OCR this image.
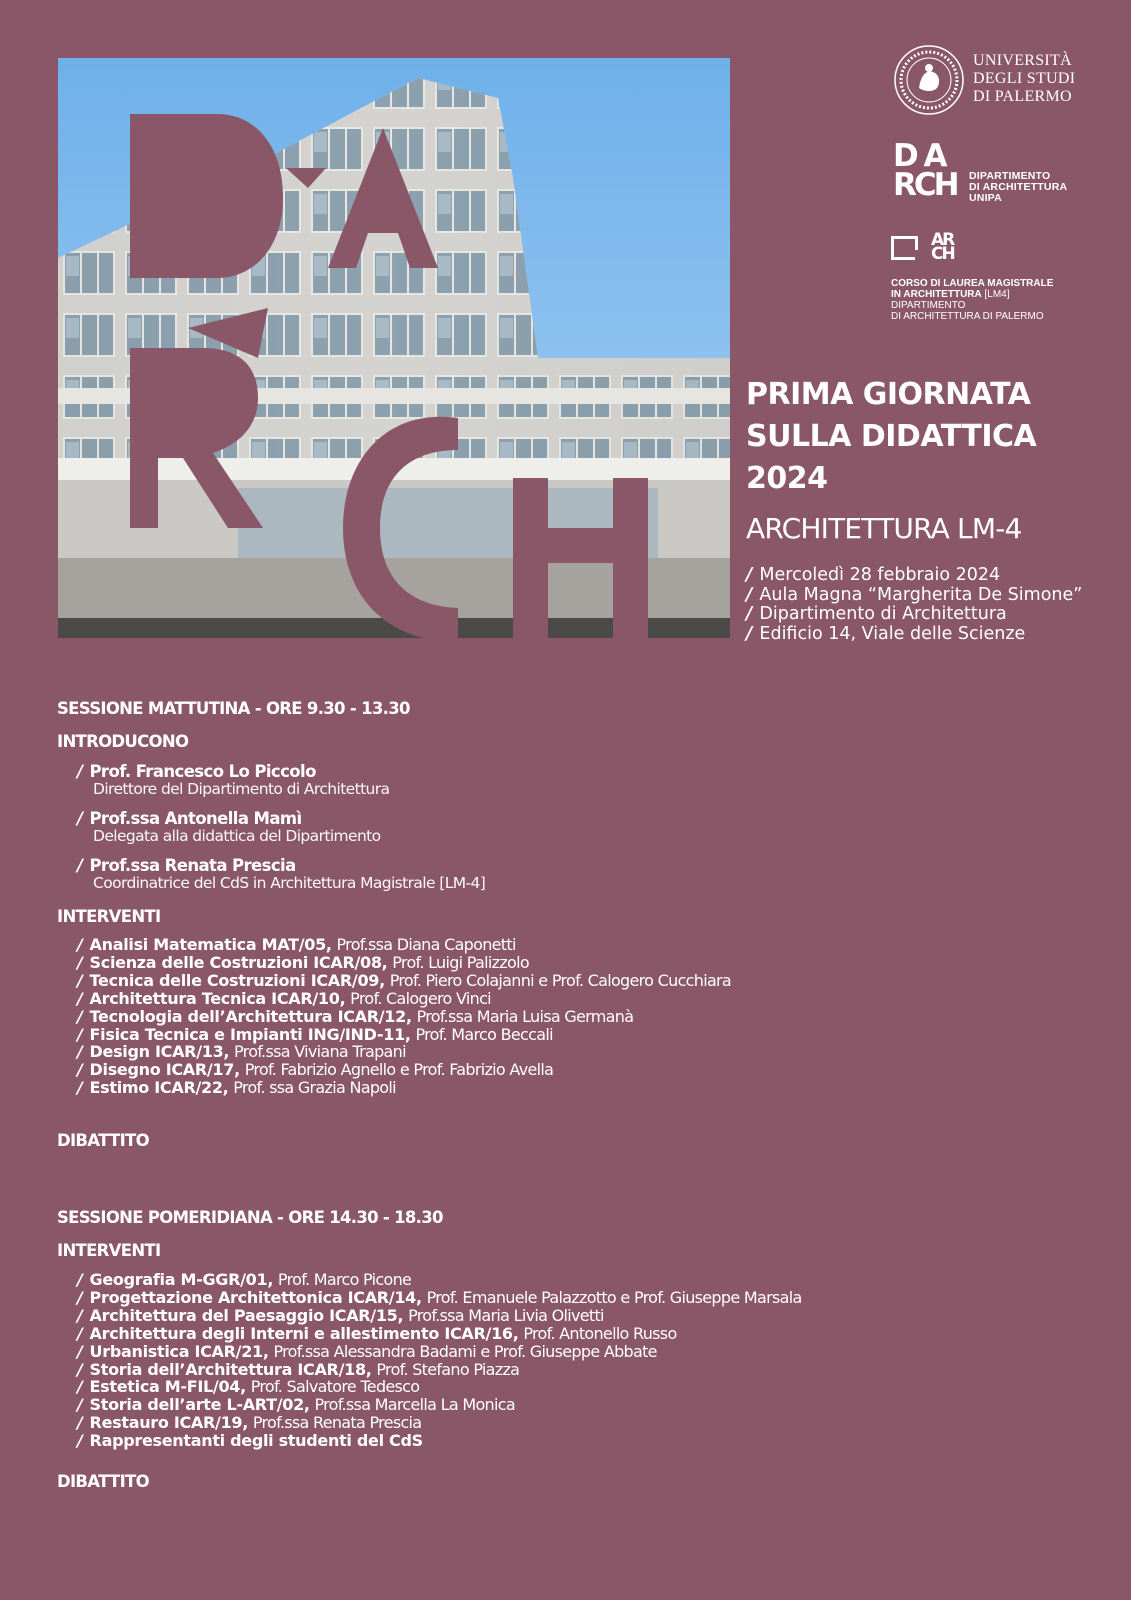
UNIVERSITÀ
DEGLI STUDI
DI PALERMO
D A
RCH	DIPARTIMENTO
DI ARCHITETTURA
UNIPA
AR CH
CORSO DI LAUREA MAGISTRALE
IN ARCHITETTURA [LM4]
DIPARTIMENTO
DI ARCHITETTURA DI PALERMO
PRIMA GIORNATA
SULLA DIDATTICA
2024
ARCHITETTURA LM-4
/ Mercoledì 28 febbraio 2024
/ Aula Magna “Margherita De Simone”
/ Dipartimento di Architettura
/ Edificio 14, Viale delle Scienze
SESSIONE MATTUTINA - ORE 9.30 - 13.30
INTRODUCONO
/ Prof. Francesco Lo Piccolo
Direttore del Dipartimento di Architettura
/ Prof.ssa Antonella Mamì
Delegata alla didattica del Dipartimento
/ Prof.ssa Renata Prescia
Coordinatrice del CdS in Architettura Magistrale [LM-4]
INTERVENTI
/ Analisi Matematica MAT/05, Prof.ssa Diana Caponetti
/ Scienza delle Costruzioni ICAR/08, Prof. Luigi Palizzolo
/ Tecnica delle Costruzioni ICAR/09, Prof. Piero Colajanni e Prof. Calogero Cucchiara
/ Architettura Tecnica ICAR/10, Prof. Calogero Vinci
/ Tecnologia dell’Architettura ICAR/12, Prof.ssa Maria Luisa Germanà
/ Fisica Tecnica e Impianti ING/IND-11, Prof. Marco Beccali
/ Design ICAR/13, Prof.ssa Viviana Trapani
/ Disegno ICAR/17, Prof. Fabrizio Agnello e Prof. Fabrizio Avella
/ Estimo ICAR/22, Prof. ssa Grazia Napoli
DIBATTITO
SESSIONE POMERIDIANA - ORE 14.30 - 18.30
INTERVENTI
/ Geografia M-GGR/01, Prof. Marco Picone
/ Progettazione Architettonica ICAR/14, Prof. Emanuele Palazzotto e Prof. Giuseppe Marsala
/ Architettura del Paesaggio ICAR/15, Prof.ssa Maria Livia Olivetti
/ Architettura degli Interni e allestimento ICAR/16, Prof. Antonello Russo
/ Urbanistica ICAR/21, Prof.ssa Alessandra Badami e Prof. Giuseppe Abbate
/ Storia dell’Architettura ICAR/18, Prof. Stefano Piazza
/ Estetica M-FIL/04, Prof. Salvatore Tedesco
/ Storia dell’arte L-ART/02, Prof.ssa Marcella La Monica
/ Restauro ICAR/19, Prof.ssa Renata Prescia
/ Rappresentanti degli studenti del CdS
DIBATTITO
